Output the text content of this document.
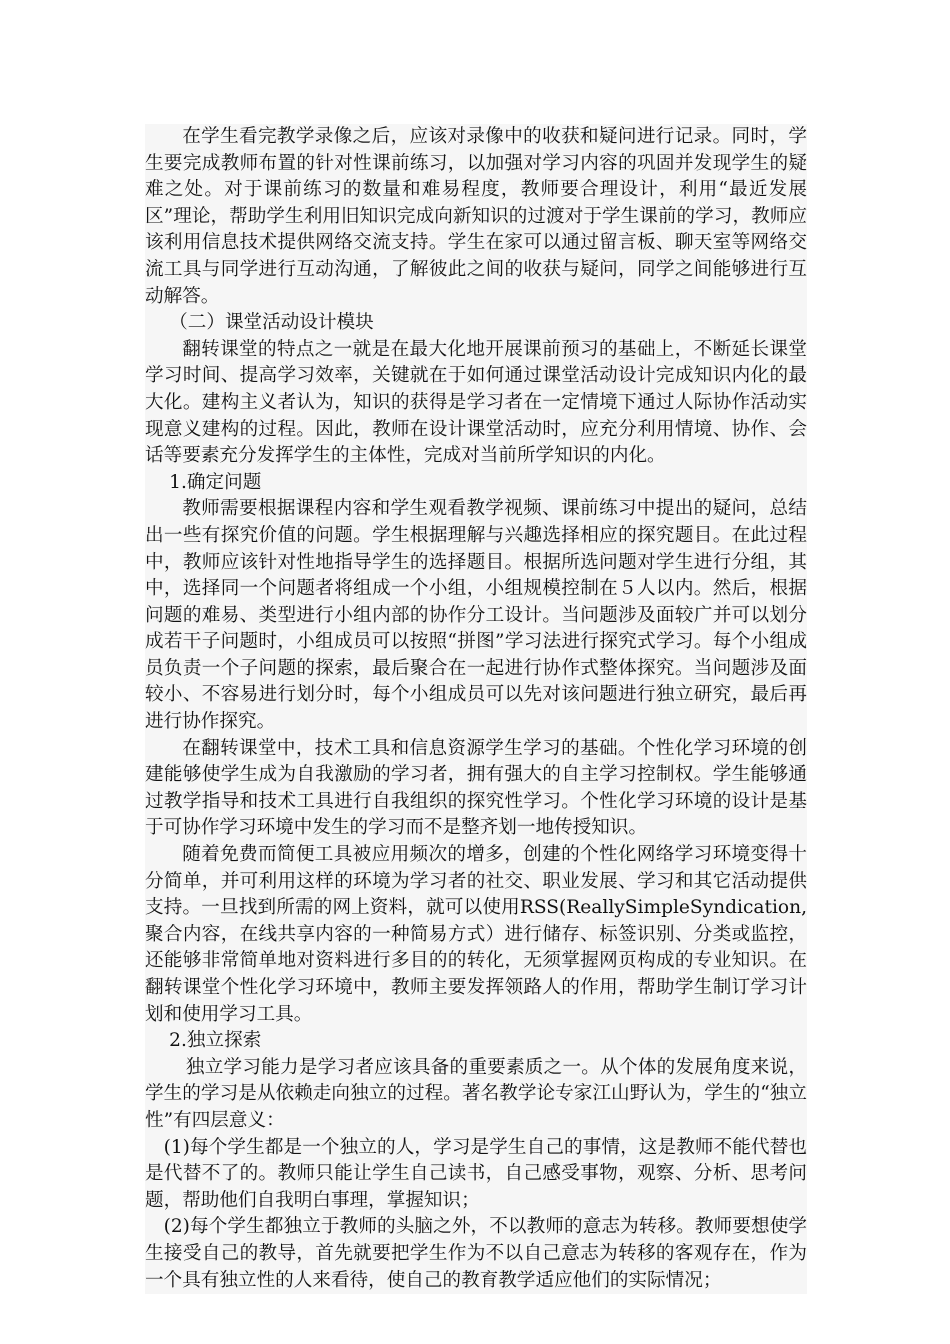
在学生看完教学录像之后，应该对录像中的收获和疑问进行记录。同时，学生要完成教师布置的针对性课前练习，以加强对学习内容的巩固并发现学生的疑难之处。对于课前练习的数量和难易程度，教师要合理设计，利用“最近发展区”理论，帮助学生利用旧知识完成向新知识的过渡对于学生课前的学习，教师应该利用信息技术提供网络交流支持。学生在家可以通过留言板、聊天室等网络交流工具与同学进行互动沟通，了解彼此之间的收获与疑问，同学之间能够进行互动解答。

（二）课堂活动设计模块

翻转课堂的特点之一就是在最大化地开展课前预习的基础上，不断延长课堂学习时间、提高学习效率，关键就在于如何通过课堂活动设计完成知识内化的最大化。建构主义者认为，知识的获得是学习者在一定情境下通过人际协作活动实现意义建构的过程。因此，教师在设计课堂活动时，应充分利用情境、协作、会话等要素充分发挥学生的主体性，完成对当前所学知识的内化。

1.确定问题

教师需要根据课程内容和学生观看教学视频、课前练习中提出的疑问，总结出一些有探究价值的问题。学生根据理解与兴趣选择相应的探究题目。在此过程中，教师应该针对性地指导学生的选择题目。根据所选问题对学生进行分组，其中，选择同一个问题者将组成一个小组，小组规模控制在５人以内。然后，根据问题的难易、类型进行小组内部的协作分工设计。当问题涉及面较广并可以划分成若干子问题时，小组成员可以按照“拼图”学习法进行探究式学习。每个小组成员负责一个子问题的探索，最后聚合在一起进行协作式整体探究。当问题涉及面较小、不容易进行划分时，每个小组成员可以先对该问题进行独立研究，最后再进行协作探究。

在翻转课堂中，技术工具和信息资源学生学习的基础。个性化学习环境的创建能够使学生成为自我激励的学习者，拥有强大的自主学习控制权。学生能够通过教学指导和技术工具进行自我组织的探究性学习。个性化学习环境的设计是基于可协作学习环境中发生的学习而不是整齐划一地传授知识。

随着免费而简便工具被应用频次的增多，创建的个性化网络学习环境变得十分简单，并可利用这样的环境为学习者的社交、职业发展、学习和其它活动提供支持。一旦找到所需的网上资料，就可以使用RSS(ReallySimpleSyndication,聚合内容，在线共享内容的一种简易方式）进行储存、标签识别、分类或监控，还能够非常简单地对资料进行多目的的转化，无须掌握网页构成的专业知识。在翻转课堂个性化学习环境中，教师主要发挥领路人的作用，帮助学生制订学习计划和使用学习工具。

2.独立探索

独立学习能力是学习者应该具备的重要素质之一。从个体的发展角度来说，学生的学习是从依赖走向独立的过程。著名教学论专家江山野认为，学生的“独立性”有四层意义：

(1)每个学生都是一个独立的人，学习是学生自己的事情，这是教师不能代替也是代替不了的。教师只能让学生自己读书，自己感受事物，观察、分析、思考问题，帮助他们自我明白事理，掌握知识；

(2)每个学生都独立于教师的头脑之外，不以教师的意志为转移。教师要想使学生接受自己的教导，首先就要把学生作为不以自己意志为转移的客观存在，作为一个具有独立性的人来看待，使自己的教育教学适应他们的实际情况；
